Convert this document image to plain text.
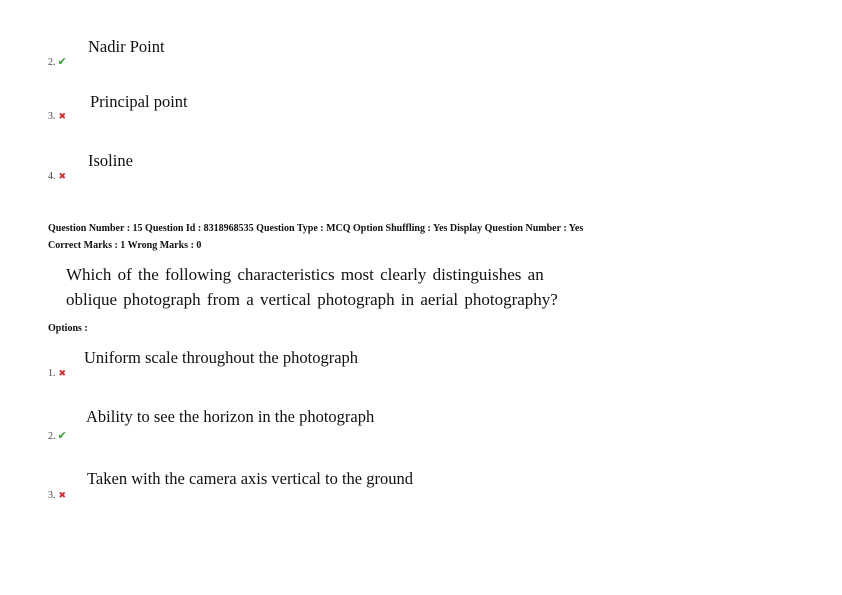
Nadir Point
2. ✔
Principal point
3. ✖
Isoline
4. ✖
Question Number : 15 Question Id : 8318968535 Question Type : MCQ Option Shuffling : Yes Display Question Number : Yes
Correct Marks : 1 Wrong Marks : 0
Which of the following characteristics most clearly distinguishes an
oblique photograph from a vertical photograph in aerial photography?
Options :
Uniform scale throughout the photograph
1. ✖
Ability to see the horizon in the photograph
2. ✔
Taken with the camera axis vertical to the ground
3. ✖
